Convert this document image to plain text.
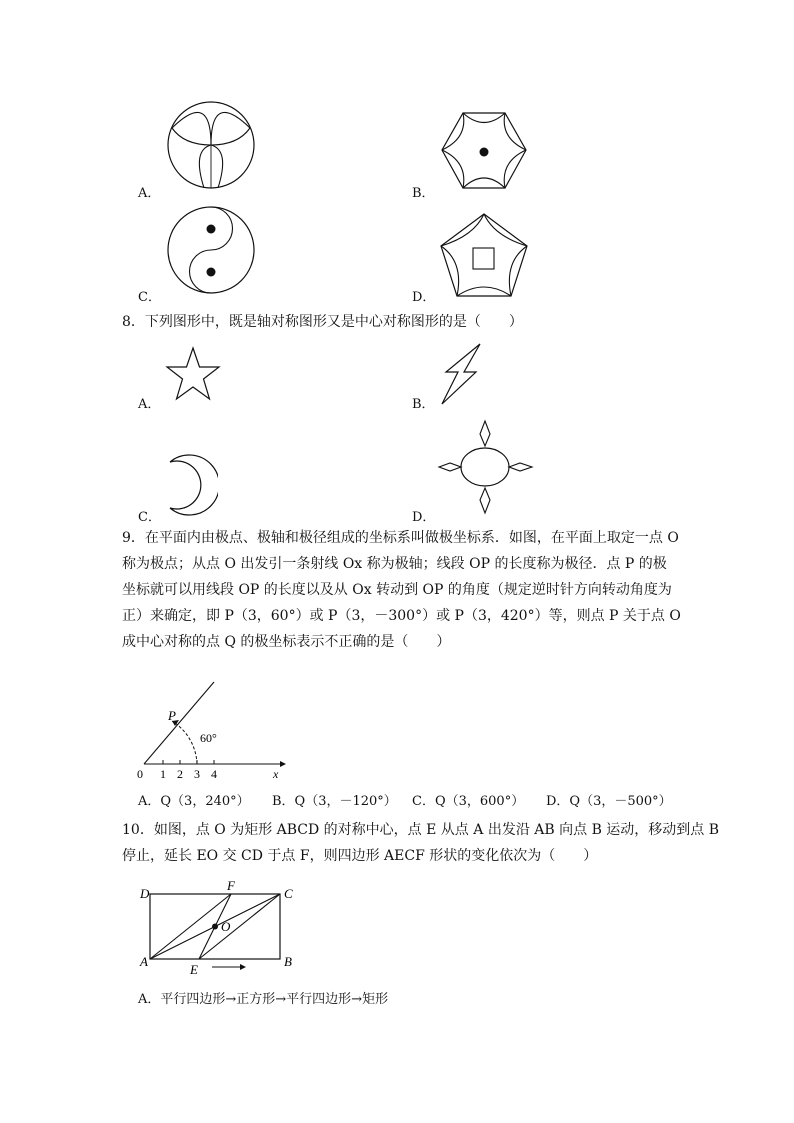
A．	B．
C．	D．
8．下列图形中，既是轴对称图形又是中心对称图形的是（　　）
A．	B．
C．	D．
9．在平面内由极点、极轴和极径组成的坐标系叫做极坐标系．如图，在平面上取定一点 O
称为极点；从点 O 出发引一条射线 Ox 称为极轴；线段 OP 的长度称为极径．点 P 的极
坐标就可以用线段 OP 的长度以及从 Ox 转动到 OP 的角度（规定逆时针方向转动角度为
正）来确定，即 P（3，60°）或 P（3，－300°）或 P（3，420°）等，则点 P 关于点 O
成中心对称的点 Q 的极坐标表示不正确的是（　　）
P
60°
0 1 2 3 4	x
A．Q（3，240°） B．Q（3，－120°） C．Q（3，600°） D．Q（3，－500°）
10．如图，点 O 为矩形 ABCD 的对称中心，点 E 从点 A 出发沿 AB 向点 B 运动，移动到点 B
停止，延长 EO 交 CD 于点 F，则四边形 AECF 形状的变化依次为（　　）
D	C
A	B
E
F
O
A．平行四边形→正方形→平行四边形→矩形
